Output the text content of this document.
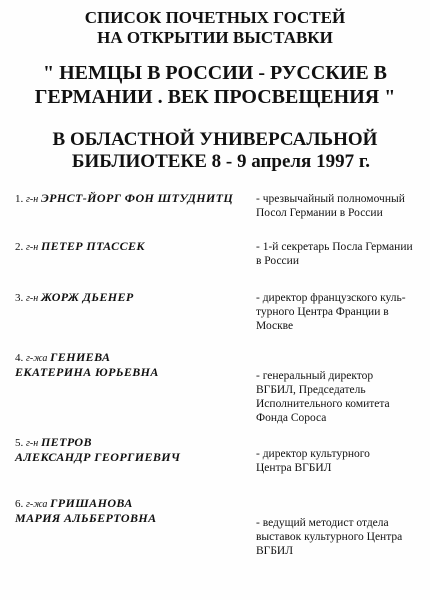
СПИСОК ПОЧЕТНЫХ ГОСТЕЙ
НА ОТКРЫТИИ ВЫСТАВКИ
" НЕМЦЫ В РОССИИ - РУССКИЕ В
ГЕРМАНИИ . ВЕК ПРОСВЕЩЕНИЯ "
В ОБЛАСТНОЙ УНИВЕРСАЛЬНОЙ
БИБЛИОТЕКЕ 8 - 9 апреля 1997 г.
1. г-н ЭРНСТ-ЙОРГ ФОН ШТУДНИТЦ - чрезвычайный полномочный
Посол Германии в России
2. г-н ПЕТЕР ПТАССЕК	- 1-й секретарь Посла Германии
в России
3. г-н ЖОРЖ ДЬЕНЕР	- директор французского куль-
турного Центра Франции в
Москве
4. г-жа ГЕНИЕВА
ЕКАТЕРИНА ЮРЬЕВНА	- генеральный директор
ВГБИЛ, Председатель
Исполнительного комитета
Фонда Сороса
5. г-н ПЕТРОВ
АЛЕКСАНДР ГЕОРГИЕВИЧ	- директор культурного
Центра ВГБИЛ
6. г-жа ГРИШАНОВА
МАРИЯ АЛЬБЕРТОВНА	- ведущий методист отдела
выставок культурного Центра
ВГБИЛ
